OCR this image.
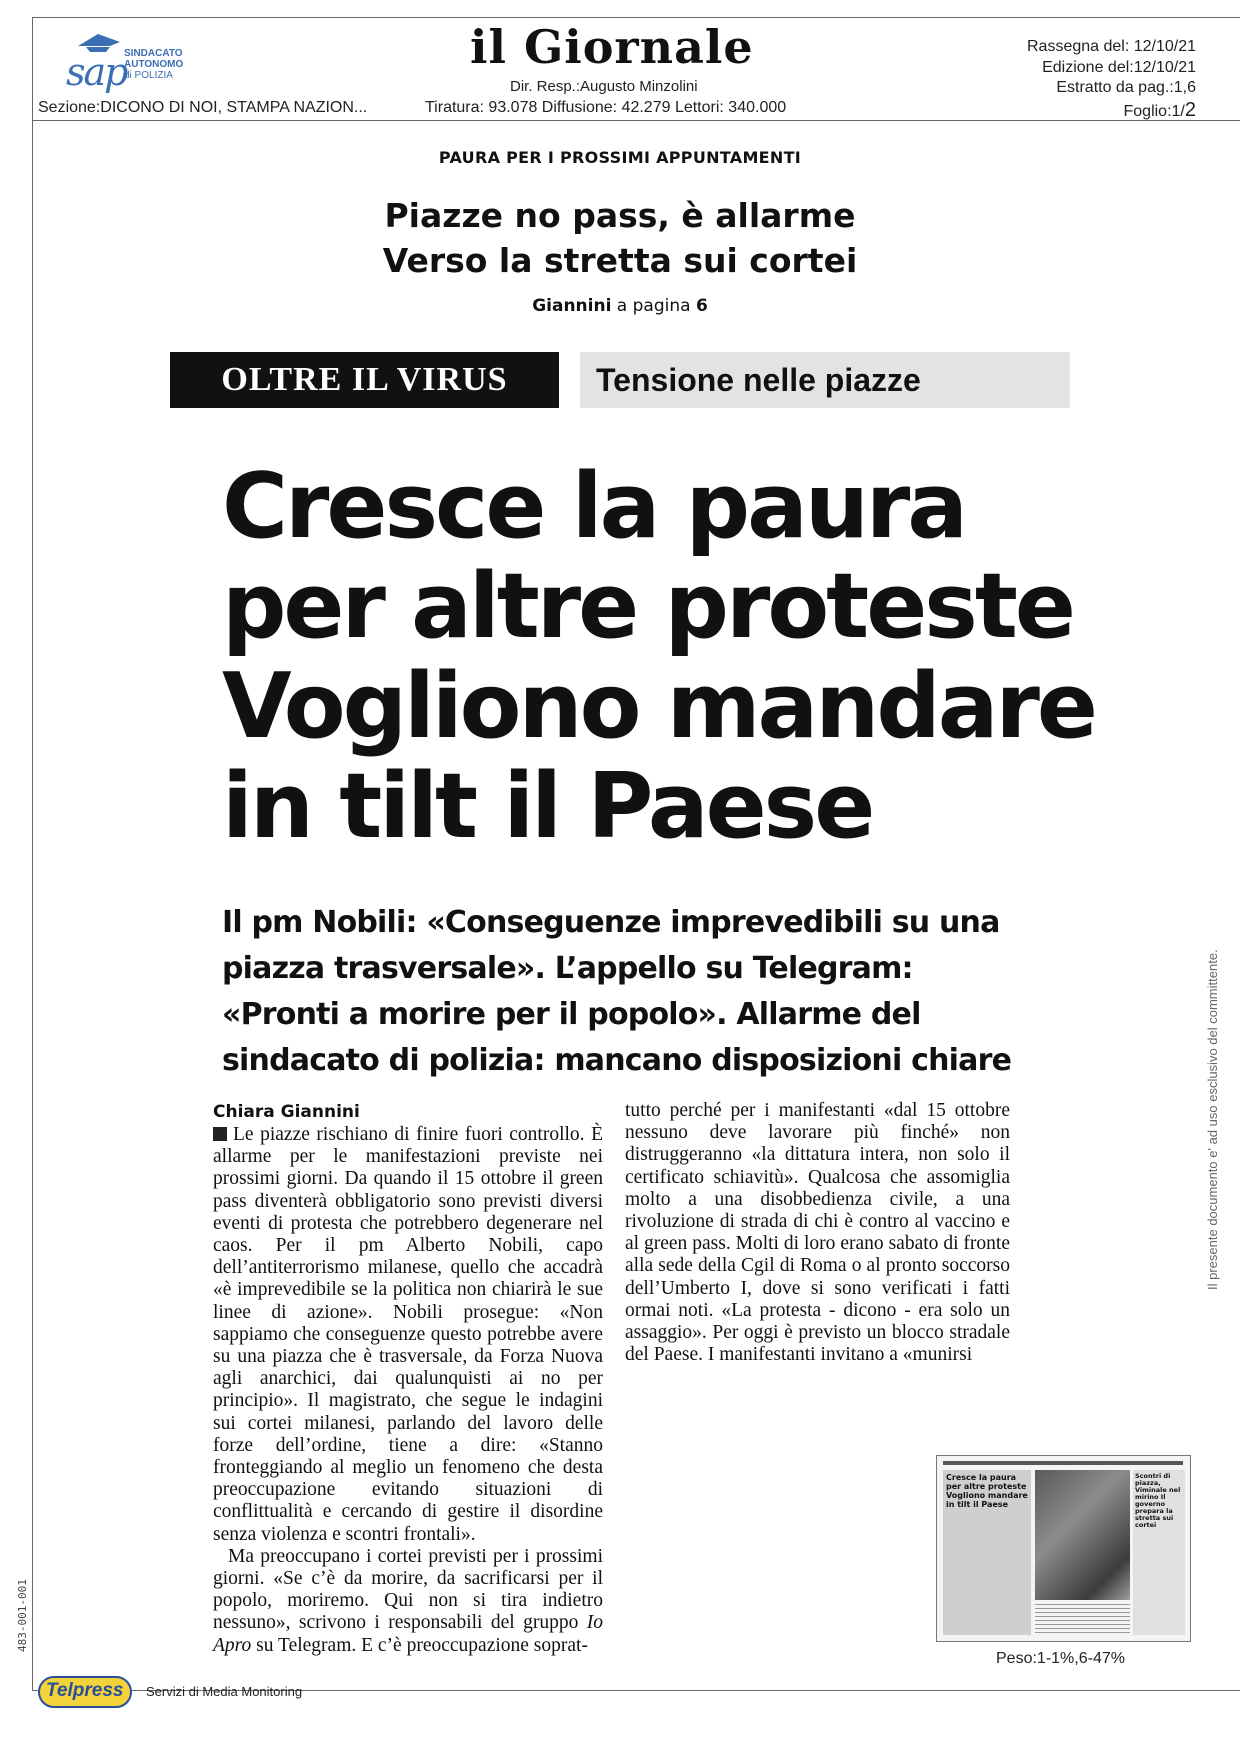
sap
SINDACATO
AUTONOMO
di POLIZIA
il Giornale
Dir. Resp.:Augusto Minzolini
Sezione:DICONO DI NOI, STAMPA NAZION...	Tiratura: 93.078 Diffusione: 42.279 Lettori: 340.000
Rassegna del: 12/10/21
Edizione del:12/10/21
Estratto da pag.:1,6
Foglio:1/2
PAURA PER I PROSSIMI APPUNTAMENTI
Piazze no pass, è allarme
Verso la stretta sui cortei
Giannini a pagina 6
OLTRE IL VIRUS	Tensione nelle piazze
Cresce la paura
per altre proteste
Vogliono mandare
in tilt il Paese
Il pm Nobili: «Conseguenze imprevedibili su una
piazza trasversale». L’appello su Telegram:
«Pronti a morire per il popolo». Allarme del
sindacato di polizia: mancano disposizioni chiare
Chiara Giannini

Le piazze rischiano di finire fuori controllo. È allarme per le manifestazioni previste nei prossimi giorni. Da quando il 15 ottobre il green pass diventerà obbligatorio sono previsti diversi eventi di protesta che potrebbero degenerare nel caos. Per il pm Alberto Nobili, capo dell’antiterrorismo milanese, quello che accadrà «è imprevedibile se la politica non chiarirà le sue linee di azione». Nobili prosegue: «Non sappiamo che conseguenze questo potrebbe avere su una piazza che è trasversale, da Forza Nuova agli anarchici, dai qualunquisti ai no per principio». Il magistrato, che segue le indagini sui cortei milanesi, parlando del lavoro delle forze dell’ordine, tiene a dire: «Stanno fronteggiando al meglio un fenomeno che desta preoccupazione evitando situazioni di conflittualità e cercando di gestire il disordine senza violenza e scontri frontali».

Ma preoccupano i cortei previsti per i prossimi giorni. «Se c’è da morire, da sacrificarsi per il popolo, moriremo. Qui non si tira indietro nessuno», scrivono i responsabili del gruppo Io Apro su Telegram. E c’è preoccupazione soprat-

tutto perché per i manifestanti «dal 15 ottobre nessuno deve lavorare più finché» non distruggeranno «la dittatura intera, non solo il certificato schiavitù». Qualcosa che assomiglia molto a una disobbedienza civile, a una rivoluzione di strada di chi è contro al vaccino e al green pass. Molti di loro erano sabato di fronte alla sede della Cgil di Roma o al pronto soccorso dell’Umberto I, dove si sono verificati i fatti ormai noti. «La protesta - dicono - era solo un assaggio». Per oggi è previsto un blocco stradale del Paese. I manifestanti invitano a «munirsi

Cresce la paura per altre proteste Vogliono mandare in tilt il Paese
Scontri di piazza, Viminale nel mirino Il governo prepara la stretta sui cortei
Peso:1-1%,6-47%
Il presente documento e' ad uso esclusivo del committente.
483-001-001
Telpress Servizi di Media Monitoring
